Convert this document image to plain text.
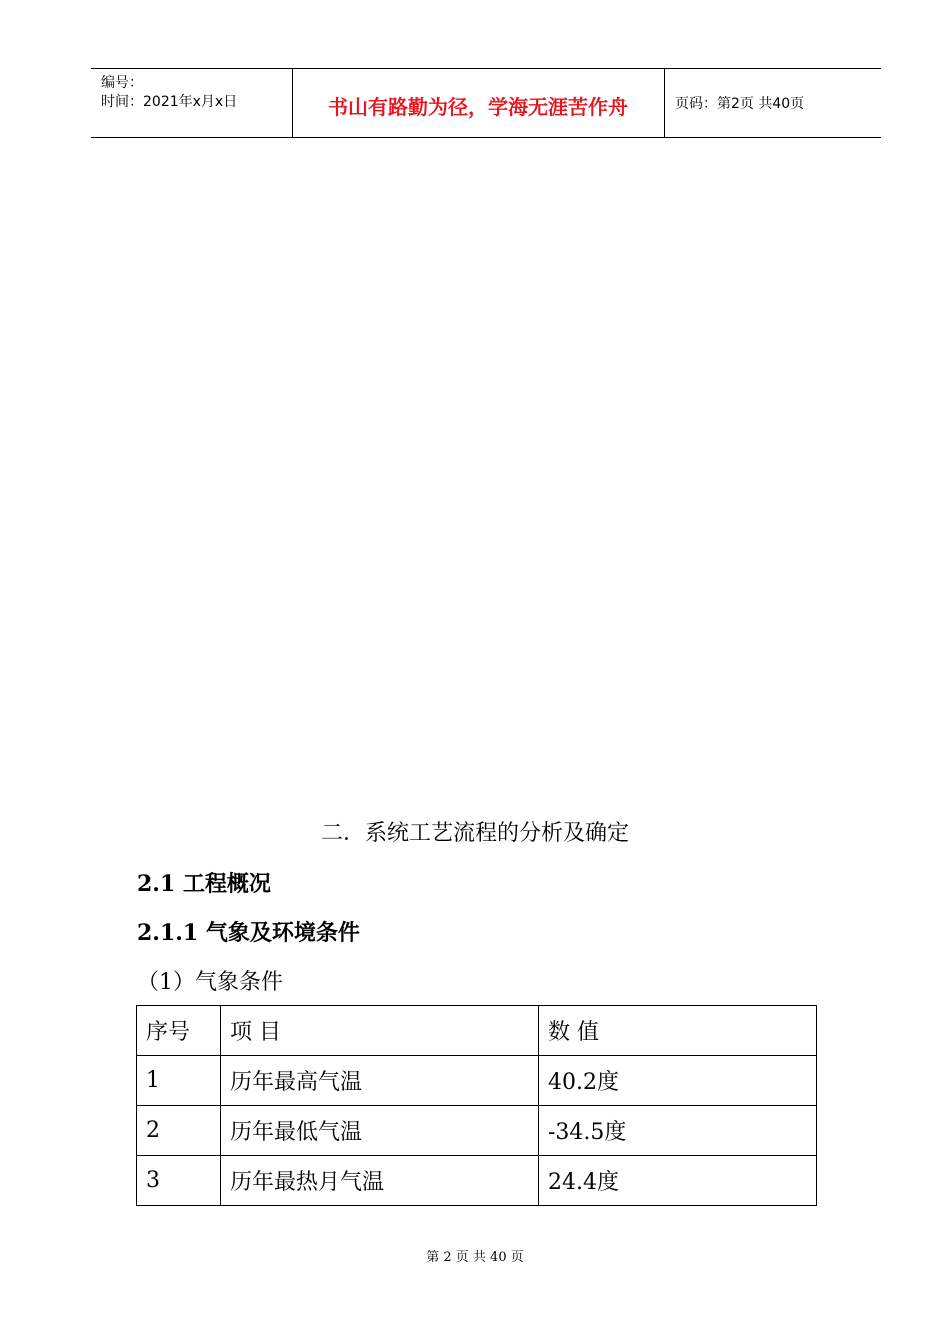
编号：
时间：2021年x月x日	书山有路勤为径，学海无涯苦作舟	页码：第2页 共40页
二．系统工艺流程的分析及确定
2.1 工程概况
2.1.1 气象及环境条件
（1）气象条件
序号	项 目	数 值
1	历年最高气温	40.2度
2	历年最低气温	-34.5度
3	历年最热月气温	24.4度
第 2 页 共 40 页
